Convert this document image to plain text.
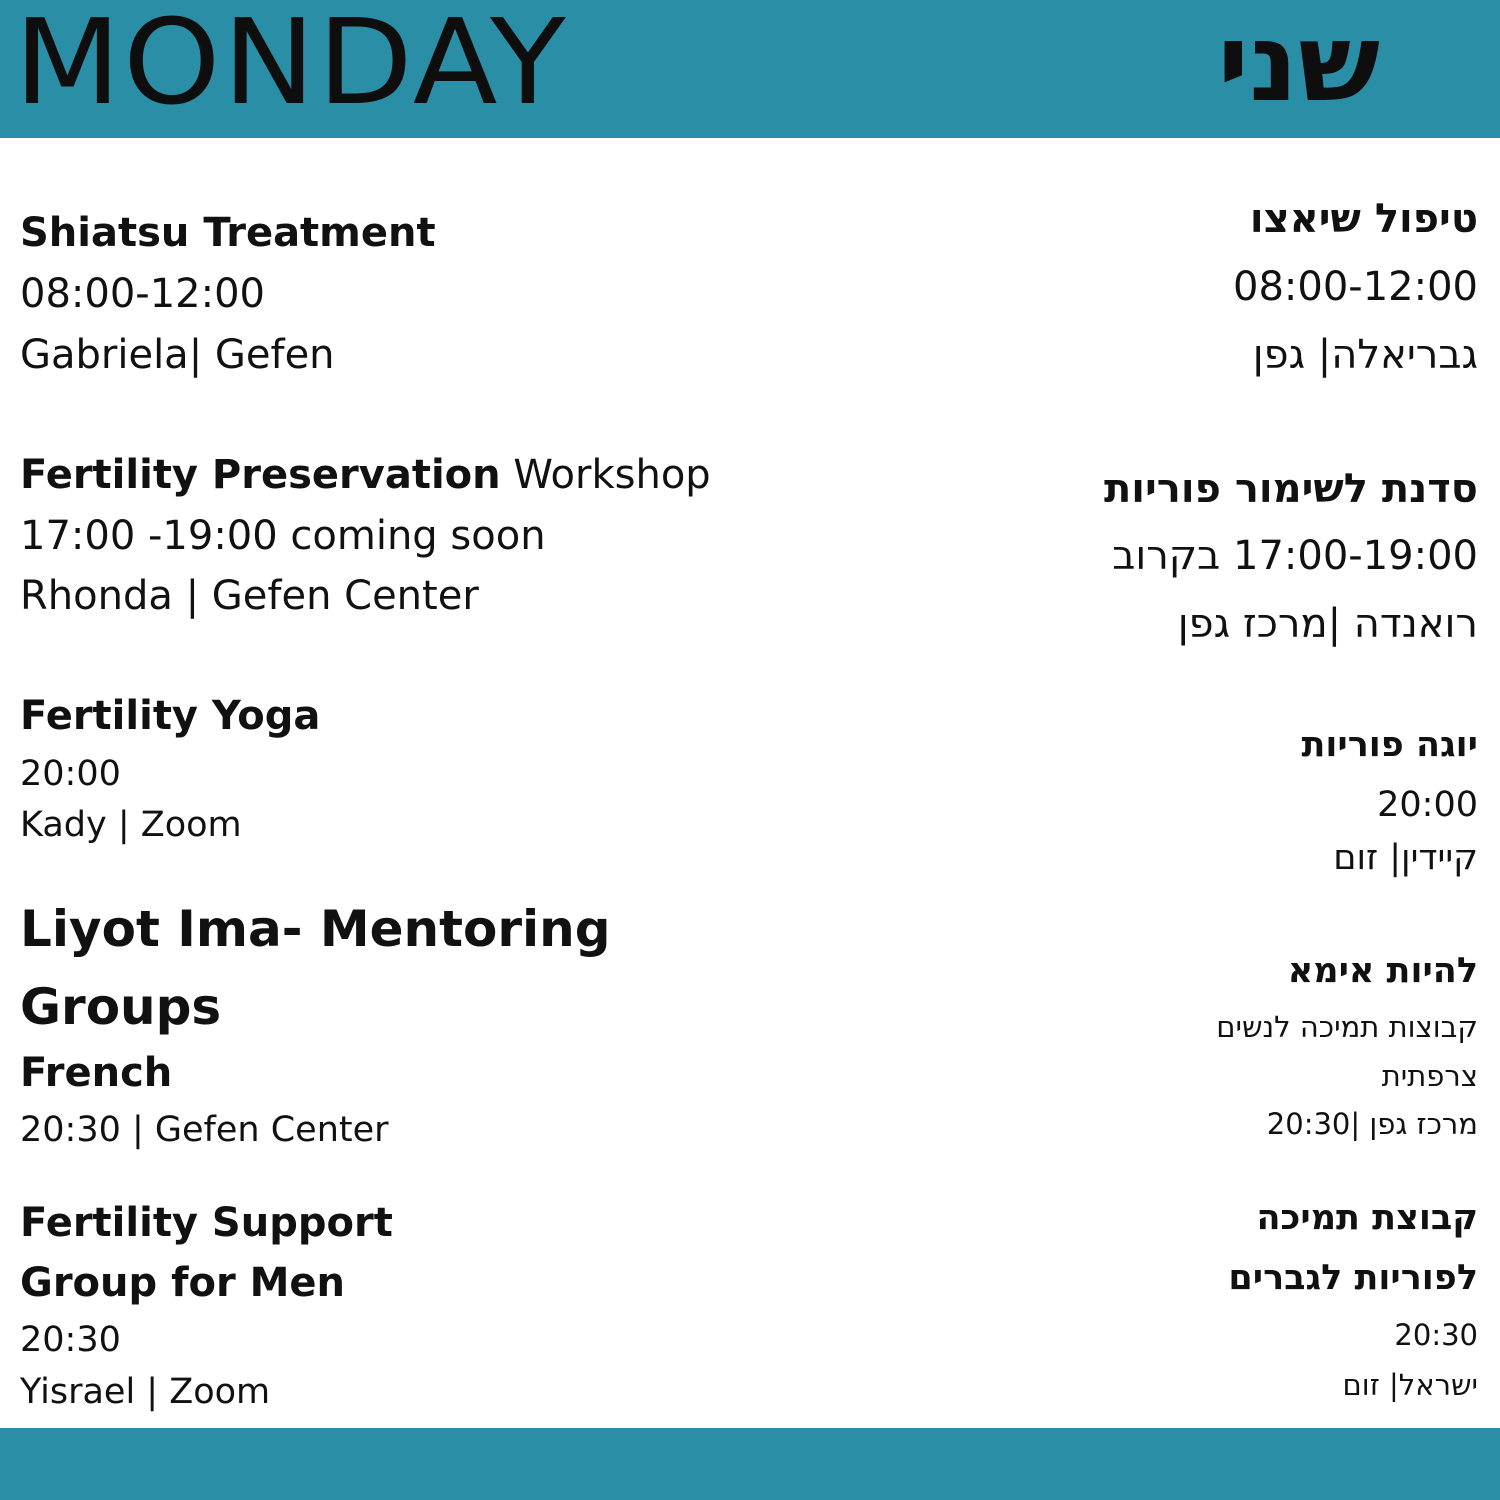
MONDAY	שני
Shiatsu Treatment
08:00-12:00
Gabriela| Gefen
Fertility Preservation Workshop
17:00 -19:00 coming soon
Rhonda | Gefen Center
Fertility Yoga
20:00
Kady | Zoom
Liyot Ima- Mentoring
Groups
French
20:30 | Gefen Center
Fertility Support
Group for Men
20:30
Yisrael | Zoom
טיפול שיאצו
08:00-12:00
גבריאלה| גפן
סדנת לשימור פוריות
17:00-19:00 בקרוב
רואנדה |מרכז גפן
יוגה פוריות
20:00
קיידין| זום
להיות אימא
קבוצות תמיכה לנשים
צרפתית
מרכז גפן |20:30
קבוצת תמיכה
לפוריות לגברים
20:30
ישראל| זום
